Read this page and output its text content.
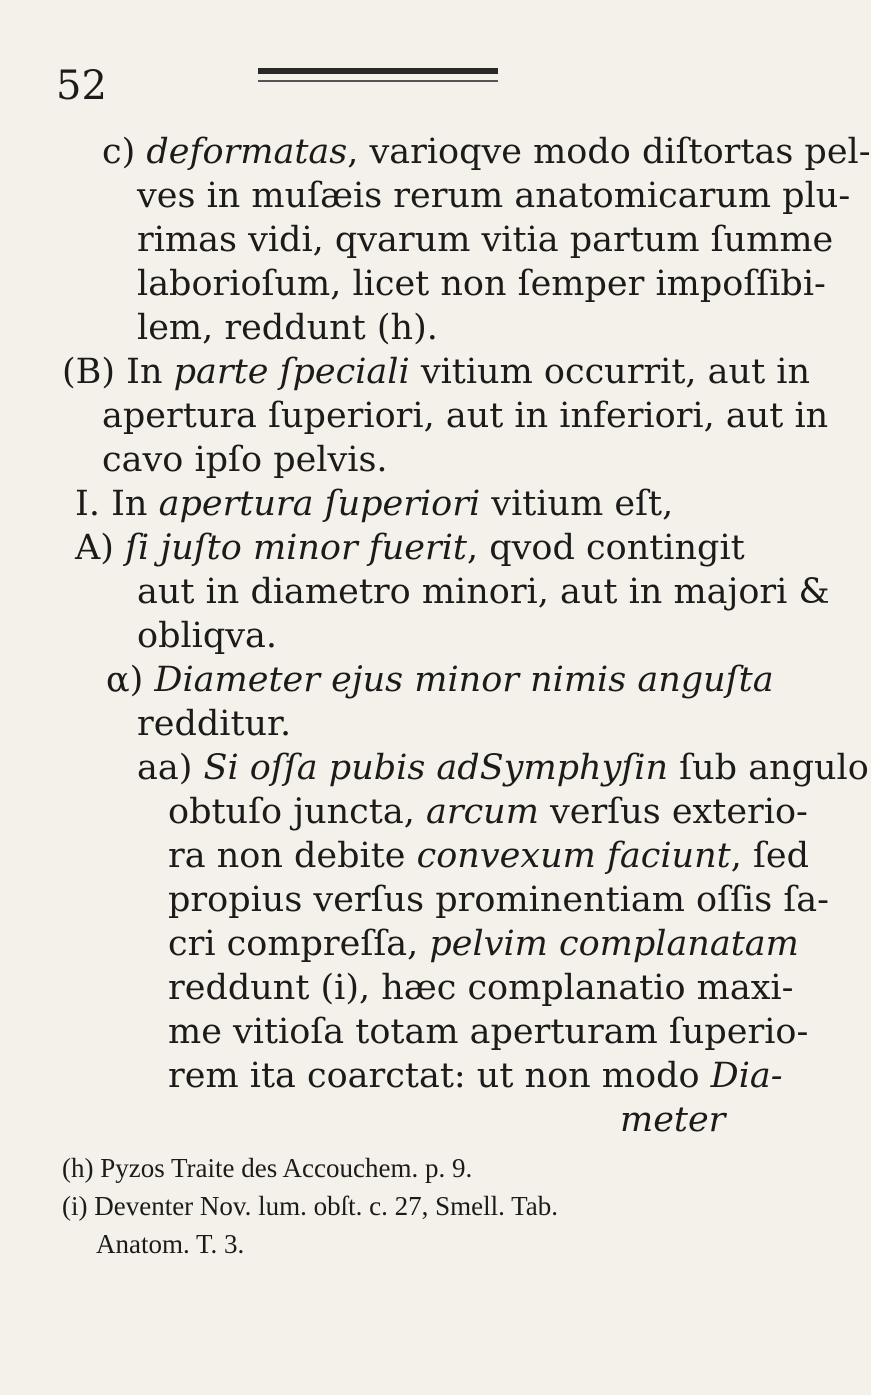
52
c) deformatas, varioqve modo diſtortas pel-
ves in muſæis rerum anatomicarum plu-
rimas vidi, qvarum vitia partum ſumme
laborioſum, licet non ſemper impoſſibi-
lem, reddunt (h).
(B) In parte ſpeciali vitium occurrit, aut in
apertura ſuperiori, aut in inferiori, aut in
cavo ipſo pelvis.
I. In apertura ſuperiori vitium eſt,
A) ſi juſto minor fuerit, qvod contingit
aut in diametro minori, aut in majori &
obliqva.
α) Diameter ejus minor nimis anguſta
redditur.
aa) Si oſſa pubis adSymphyſin ſub angulo
obtuſo juncta, arcum verſus exterio-
ra non debite convexum faciunt, ſed
propius verſus prominentiam oſſis ſa-
cri compreſſa, pelvim complanatam
reddunt (i), hæc complanatio maxi-
me vitioſa totam aperturam ſuperio-
rem ita coarctat: ut non modo Dia-
meter
(h) Pyzos Traite des Accouchem. p. 9.
(i) Deventer Nov. lum. obſt. c. 27, Smell. Tab.
Anatom. T. 3.
